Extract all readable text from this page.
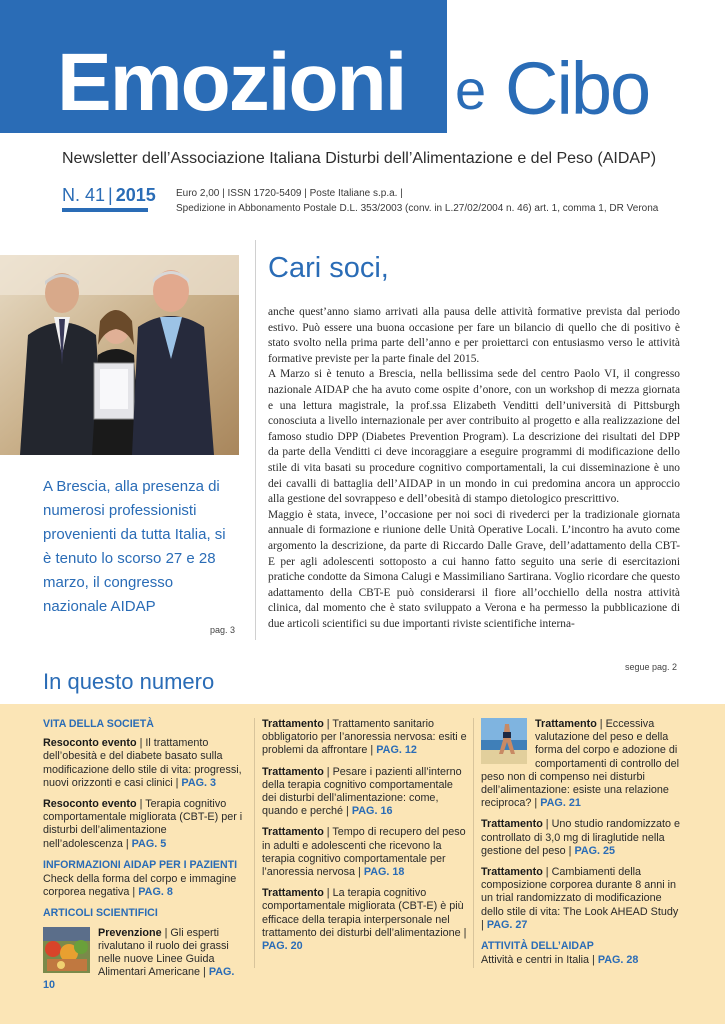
Emozioni e Cibo
Newsletter dell’Associazione Italiana Disturbi dell’Alimentazione e del Peso (AIDAP)
N. 41 | 2015 Euro 2,00 | ISSN 1720-5409 | Poste Italiane s.p.a. |
Spedizione in Abbonamento Postale D.L. 353/2003 (conv. in L.27/02/2004 n. 46) art. 1, comma 1, DR Verona
A Brescia, alla presenza di numerosi professionisti provenienti da tutta Italia, si è tenuto lo scorso 27 e 28 marzo, il congresso nazionale AIDAP
pag. 3
Cari soci,

anche quest’anno siamo arrivati alla pausa delle attività formative prevista dal periodo estivo. Può essere una buona occasione per fare un bilancio di quello che di positivo è stato svolto nella prima parte dell’anno e per proiettarci con entusiasmo verso le attività formative previste per la parte finale del 2015.

A Marzo si è tenuto a Brescia, nella bellissima sede del centro Paolo VI, il congresso nazionale AIDAP che ha avuto come ospite d’onore, con un workshop di mezza giornata e una lettura magistrale, la prof.ssa Elizabeth Venditti dell’università di Pittsburgh conosciuta a livello internazionale per aver contribuito al progetto e alla realizzazione del famoso studio DPP (Diabetes Prevention Program). La descrizione dei risultati del DPP da parte della Venditti ci deve incoraggiare a eseguire programmi di modificazione dello stile di vita basati su procedure cognitivo comportamentali, la cui disseminazione è uno dei cavalli di battaglia dell’AIDAP in un mondo in cui predomina ancora un approccio alla gestione del sovrappeso e dell’obesità di stampo dietologico prescrittivo.

Maggio è stata, invece, l’occasione per noi soci di rivederci per la tradizionale giornata annuale di formazione e riunione delle Unità Operative Locali. L’incontro ha avuto come argomento la descrizione, da parte di Riccardo Dalle Grave, dell’adattamento della CBT-E per agli adolescenti sottoposto a cui hanno fatto seguito una serie di esercitazioni pratiche condotte da Simona Calugi e Massimiliano Sartirana. Voglio ricordare che questo adattamento della CBT-E può considerarsi il fiore all’occhiello della nostra attività clinica, dal momento che è stato sviluppato a Verona e ha permesso la pubblicazione di due articoli scientifici su due importanti riviste scientifiche interna-

segue pag. 2
In questo numero
VITA DELLA SOCIETÀ
Resoconto evento | Il trattamento dell’obesità e del diabete basato sulla modificazione dello stile di vita: progressi, nuovi orizzonti e casi clinici | PAG. 3
Resoconto evento | Terapia cognitivo comportamentale migliorata (CBT-E) per i disturbi dell’alimentazione nell’adolescenza | PAG. 5
INFORMAZIONI AIDAP PER I PAZIENTI
Check della forma del corpo e immagine corporea negativa | PAG. 8
ARTICOLI SCIENTIFICI
Prevenzione | Gli esperti rivalutano il ruolo dei grassi nelle nuove Linee Guida Alimentari Americane | PAG. 10
Trattamento | Trattamento sanitario obbligatorio per l’anoressia nervosa: esiti e problemi da affrontare | PAG. 12
Trattamento | Pesare i pazienti all’interno della terapia cognitivo comportamentale dei disturbi dell’alimentazione: come, quando e perché | PAG. 16
Trattamento | Tempo di recupero del peso in adulti e adolescenti che ricevono la terapia cognitivo comportamentale per l’anoressia nervosa | PAG. 18
Trattamento | La terapia cognitivo comportamentale migliorata (CBT-E) è più efficace della terapia interpersonale nel trattamento dei disturbi dell’alimentazione | PAG. 20
Trattamento | Eccessiva valutazione del peso e della forma del corpo e adozione di comportamenti di controllo del peso non di compenso nei disturbi dell’alimentazione: esiste una relazione reciproca? | PAG. 21
Trattamento | Uno studio randomizzato e controllato di 3,0 mg di liraglutide nella gestione del peso | PAG. 25
Trattamento | Cambiamenti della composizione corporea durante 8 anni in un trial randomizzato di modificazione dello stile di vita: The Look AHEAD Study | PAG. 27
ATTIVITÀ DELL’AIDAP
Attività e centri in Italia | PAG. 28
